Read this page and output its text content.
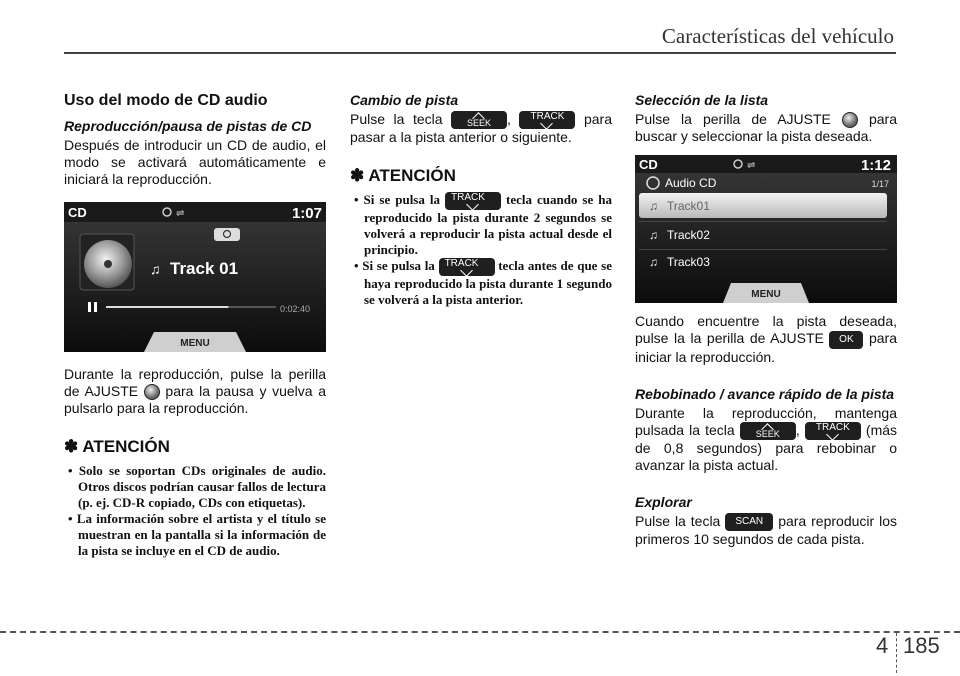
Características del vehículo
Uso del modo de CD audio
Reproducción/pausa de pistas de CD

Después de introducir un CD de audio, el modo se activará automáticamente e iniciará la reproducción.

CD	⇌	1:07
♫ Track 01
0:02:40
MENU

Durante la reproducción, pulse la perilla de AJUSTE  para la pausa y vuelva a pulsarlo para la reproducción.

✽ ATENCIÓN
• Solo se soportan CDs originales de audio. Otros discos podrían causar fallos de lectura (p. ej. CD-R copiado, CDs con etiquetas).
• La información sobre el artista y el título se muestran en la pantalla si la información de la pista se incluye en el CD de audio.
Cambio de pista

Pulse la tecla
SEEK , TRACK
para pasar a la pista anterior o siguiente.

✽ ATENCIÓN
• Si se pulsa la TRACK
tecla cuando se ha reproducido la pista durante 2 segundos se volverá a reproducir la pista actual desde el principio.
• Si se pulsa la TRACK
tecla antes de que se haya reproducido la pista durante 1 segundo se volverá a la pista anterior.
Selección de la lista

Pulse la perilla de AJUSTE  para buscar y seleccionar la pista deseada.

CD	⇌	1:12
Audio CD	1/17
♫ Track01
♫ Track02
♫ Track03
MENU

Cuando encuentre la pista deseada, pulse la la perilla de AJUSTE OK para iniciar la reproducción.

Rebobinado / avance rápido de la pista

Durante la reproducción, mantenga pulsada la tecla
SEEK , TRACK
(más de 0,8 segundos) para rebobinar o avanzar la pista actual.

Explorar

Pulse la tecla SCAN para reproducir los primeros 10 segundos de cada pista.

4 185
